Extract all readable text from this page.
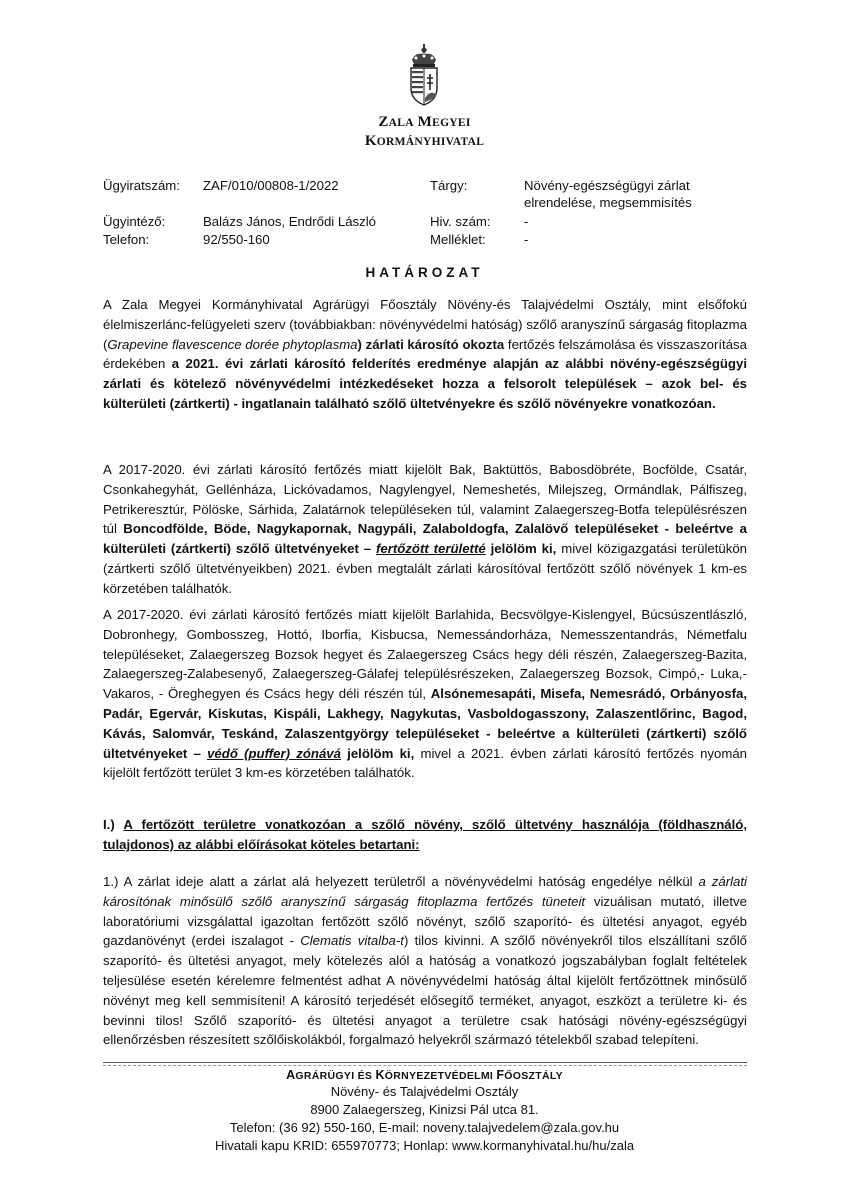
ZALA MEGYEI
KORMÁNYHIVATAL
Ügyiratszám: ZAF/010/00808-1/2022	Tárgy:	Növény-egészségügyi zárlat
elrendelése, megsemmisítés
Ügyintéző:	Balázs János, Endrődi László	Hiv. szám:	-
Telefon:	92/550-160	Melléklet:	-
HATÁROZAT
A Zala Megyei Kormányhivatal Agrárügyi Főosztály Növény-és Talajvédelmi Osztály, mint elsőfokú élelmiszerlánc-felügyeleti szerv (továbbiakban: növényvédelmi hatóság) szőlő aranyszínű sárgaság fitoplazma (Grapevine flavescence dorée phytoplasma) zárlati károsító okozta fertőzés felszámolása és visszaszorítása érdekében a 2021. évi zárlati károsító felderítés eredménye alapján az alábbi növény-egészségügyi zárlati és kötelező növényvédelmi intézkedéseket hozza a felsorolt települések – azok bel- és külterületi (zártkerti) - ingatlanain található szőlő ültetvényekre és szőlő növényekre vonatkozóan.
A 2017-2020. évi zárlati károsító fertőzés miatt kijelölt Bak, Baktüttös, Babosdöbréte, Bocfölde, Csatár, Csonkahegyhát, Gellénháza, Lickóvadamos, Nagylengyel, Nemeshetés, Milejszeg, Ormándlak, Pálfiszeg, Petrikeresztúr, Pölöske, Sárhida, Zalatárnok településeken túl, valamint Zalaegerszeg-Botfa településrészen túl Boncodfölde, Böde, Nagykapornak, Nagypáli, Zalaboldogfa, Zalalövő településeket - beleértve a külterületi (zártkerti) szőlő ültetvényeket – fertőzött területté jelölöm ki, mivel közigazgatási területükön (zártkerti szőlő ültetvényeikben) 2021. évben megtalált zárlati károsítóval fertőzött szőlő növények 1 km-es körzetében találhatók.
A 2017-2020. évi zárlati károsító fertőzés miatt kijelölt Barlahida, Becsvölgye-Kislengyel, Búcsúszentlászló, Dobronhegy, Gombosszeg, Hottó, Iborfia, Kisbucsa, Nemessándorháza, Nemesszentandrás, Németfalu településeket, Zalaegerszeg Bozsok hegyet és Zalaegerszeg Csács hegy déli részén, Zalaegerszeg-Bazita, Zalaegerszeg-Zalabesenyő, Zalaegerszeg-Gálafej településrészeken, Zalaegerszeg Bozsok, Cimpó,- Luka,- Vakaros, - Öreghegyen és Csács hegy déli részén túl, Alsónemesapáti, Misefa, Nemesrádó, Orbányosfa, Padár, Egervár, Kiskutas, Kispáli, Lakhegy, Nagykutas, Vasboldogasszony, Zalaszentlőrinc, Bagod, Kávás, Salomvár, Teskánd, Zalaszentgyörgy településeket - beleértve a külterületi (zártkerti) szőlő ültetvényeket – védő (puffer) zónává jelölöm ki, mivel a 2021. évben zárlati károsító fertőzés nyomán kijelölt fertőzött terület 3 km-es körzetében találhatók.
I.) A fertőzött területre vonatkozóan a szőlő növény, szőlő ültetvény használója (földhasználó, tulajdonos) az alábbi előírásokat köteles betartani:
1.) A zárlat ideje alatt a zárlat alá helyezett területről a növényvédelmi hatóság engedélye nélkül a zárlati károsítónak minősülő szőlő aranyszínű sárgaság fitoplazma fertőzés tüneteit vizuálisan mutató, illetve laboratóriumi vizsgálattal igazoltan fertőzött szőlő növényt, szőlő szaporító- és ültetési anyagot, egyéb gazdanövényt (erdei iszalagot - Clematis vitalba-t) tilos kivinni. A szőlő növényekről tilos elszállítani szőlő szaporító- és ültetési anyagot, mely kötelezés alól a hatóság a vonatkozó jogszabályban foglalt feltételek teljesülése esetén kérelemre felmentést adhat A növényvédelmi hatóság által kijelölt fertőzöttnek minősülő növényt meg kell semmisíteni! A károsító terjedését elősegítő terméket, anyagot, eszközt a területre ki- és bevinni tilos! Szőlő szaporító- és ültetési anyagot a területre csak hatósági növény-egészségügyi ellenőrzésben részesített szőlőiskolákból, forgalmazó helyekről származó tételekből szabad telepíteni.
AGRÁRÜGYI ÉS KÖRNYEZETVÉDELMI FŐOSZTÁLY
Növény- és Talajvédelmi Osztály
8900 Zalaegerszeg, Kinizsi Pál utca 81.
Telefon: (36 92) 550-160, E-mail: noveny.talajvedelem@zala.gov.hu
Hivatali kapu KRID: 655970773; Honlap: www.kormanyhivatal.hu/hu/zala
